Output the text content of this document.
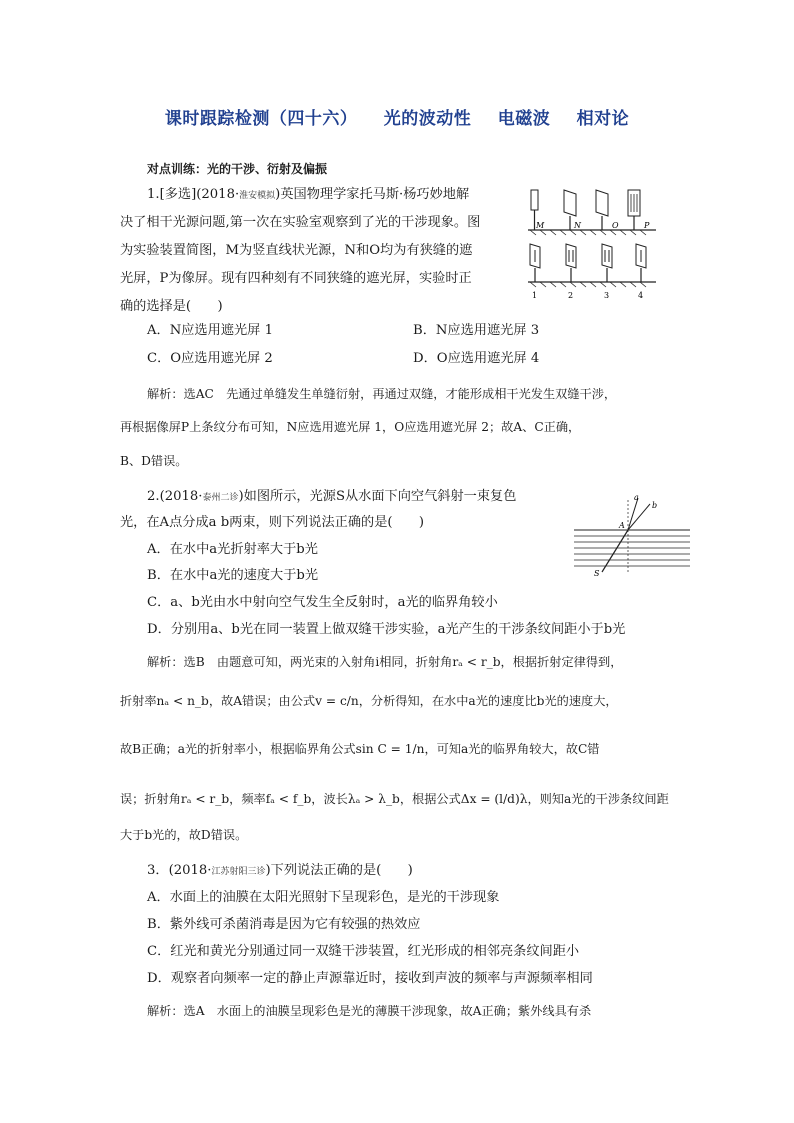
课时跟踪检测（四十六） 光的波动性 电磁波 相对论
对点训练：光的干涉、衍射及偏振
1.[多选](2018·淮安模拟)英国物理学家托马斯·杨巧妙地解
决了相干光源问题,第一次在实验室观察到了光的干涉现象。图
为实验装置简图，M为竖直线状光源，N和O均为有狭缝的遮
光屏，P为像屏。现有四种刻有不同狭缝的遮光屏，实验时正
确的选择是(　　)
A．N应选用遮光屏 1	B．N应选用遮光屏 3
C．O应选用遮光屏 2	D．O应选用遮光屏 4
解析：选AC　先通过单缝发生单缝衍射，再通过双缝，才能形成相干光发生双缝干涉，
再根据像屏P上条纹分布可知，N应选用遮光屏 1，O应选用遮光屏 2；故A、C正确，
B、D错误。
M	N	O	P
1	2	3	4
2.(2018·泰州二诊)如图所示，光源S从水面下向空气斜射一束复色
光，在A点分成a b两束，则下列说法正确的是(　　)
A．在水中a光折射率大于b光
B．在水中a光的速度大于b光
C．a、b光由水中射向空气发生全反射时，a光的临界角较小
D．分别用a、b光在同一装置上做双缝干涉实验，a光产生的干涉条纹间距小于b光
解析：选B　由题意可知，两光束的入射角i相同，折射角rₐ < r_b，根据折射定律得到，
折射率nₐ < n_b，故A错误；由公式v = c/n，分析得知，在水中a光的速度比b光的速度大，
故B正确；a光的折射率小，根据临界角公式sin C = 1/n，可知a光的临界角较大，故C错
误；折射角rₐ < r_b，频率fₐ < f_b，波长λₐ > λ_b，根据公式Δx = (l/d)λ，则知a光的干涉条纹间距
大于b光的，故D错误。
a
b
A
S
3．(2018·江苏射阳三诊)下列说法正确的是(　　)
A．水面上的油膜在太阳光照射下呈现彩色，是光的干涉现象
B．紫外线可杀菌消毒是因为它有较强的热效应
C．红光和黄光分别通过同一双缝干涉装置，红光形成的相邻亮条纹间距小
D．观察者向频率一定的静止声源靠近时，接收到声波的频率与声源频率相同
解析：选A　水面上的油膜呈现彩色是光的薄膜干涉现象，故A正确；紫外线具有杀
